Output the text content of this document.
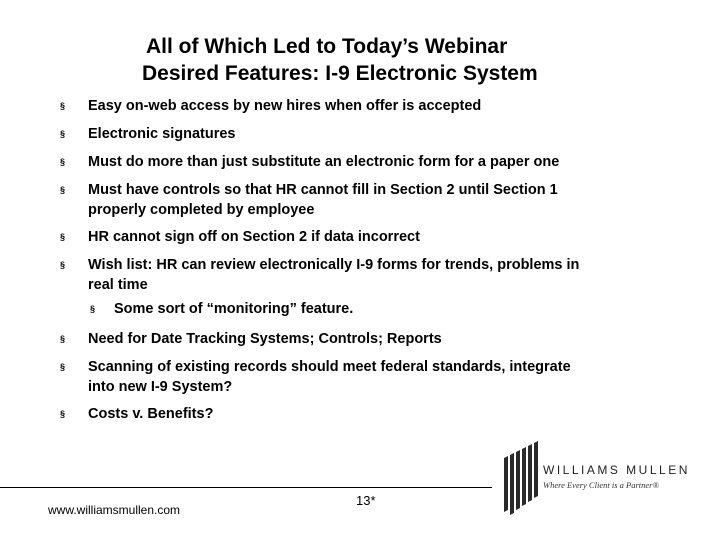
All of Which Led to Today’s Webinar
Desired Features: I-9 Electronic System
§ Easy on-web access by new hires when offer is accepted
§ Electronic signatures
§ Must do more than just substitute an electronic form for a paper one
§ Must have controls so that HR cannot fill in Section 2 until Section 1
properly completed by employee
§ HR cannot sign off on Section 2 if data incorrect
§ Wish list: HR can review electronically I-9 forms for trends, problems in
real time
§ Some sort of “monitoring” feature.
§ Need for Date Tracking Systems; Controls; Reports
§ Scanning of existing records should meet federal standards, integrate
into new I-9 System?
§ Costs v. Benefits?
www.williamsmullen.com
13*
WILLIAMS MULLEN
Where Every Client is a Partner®
